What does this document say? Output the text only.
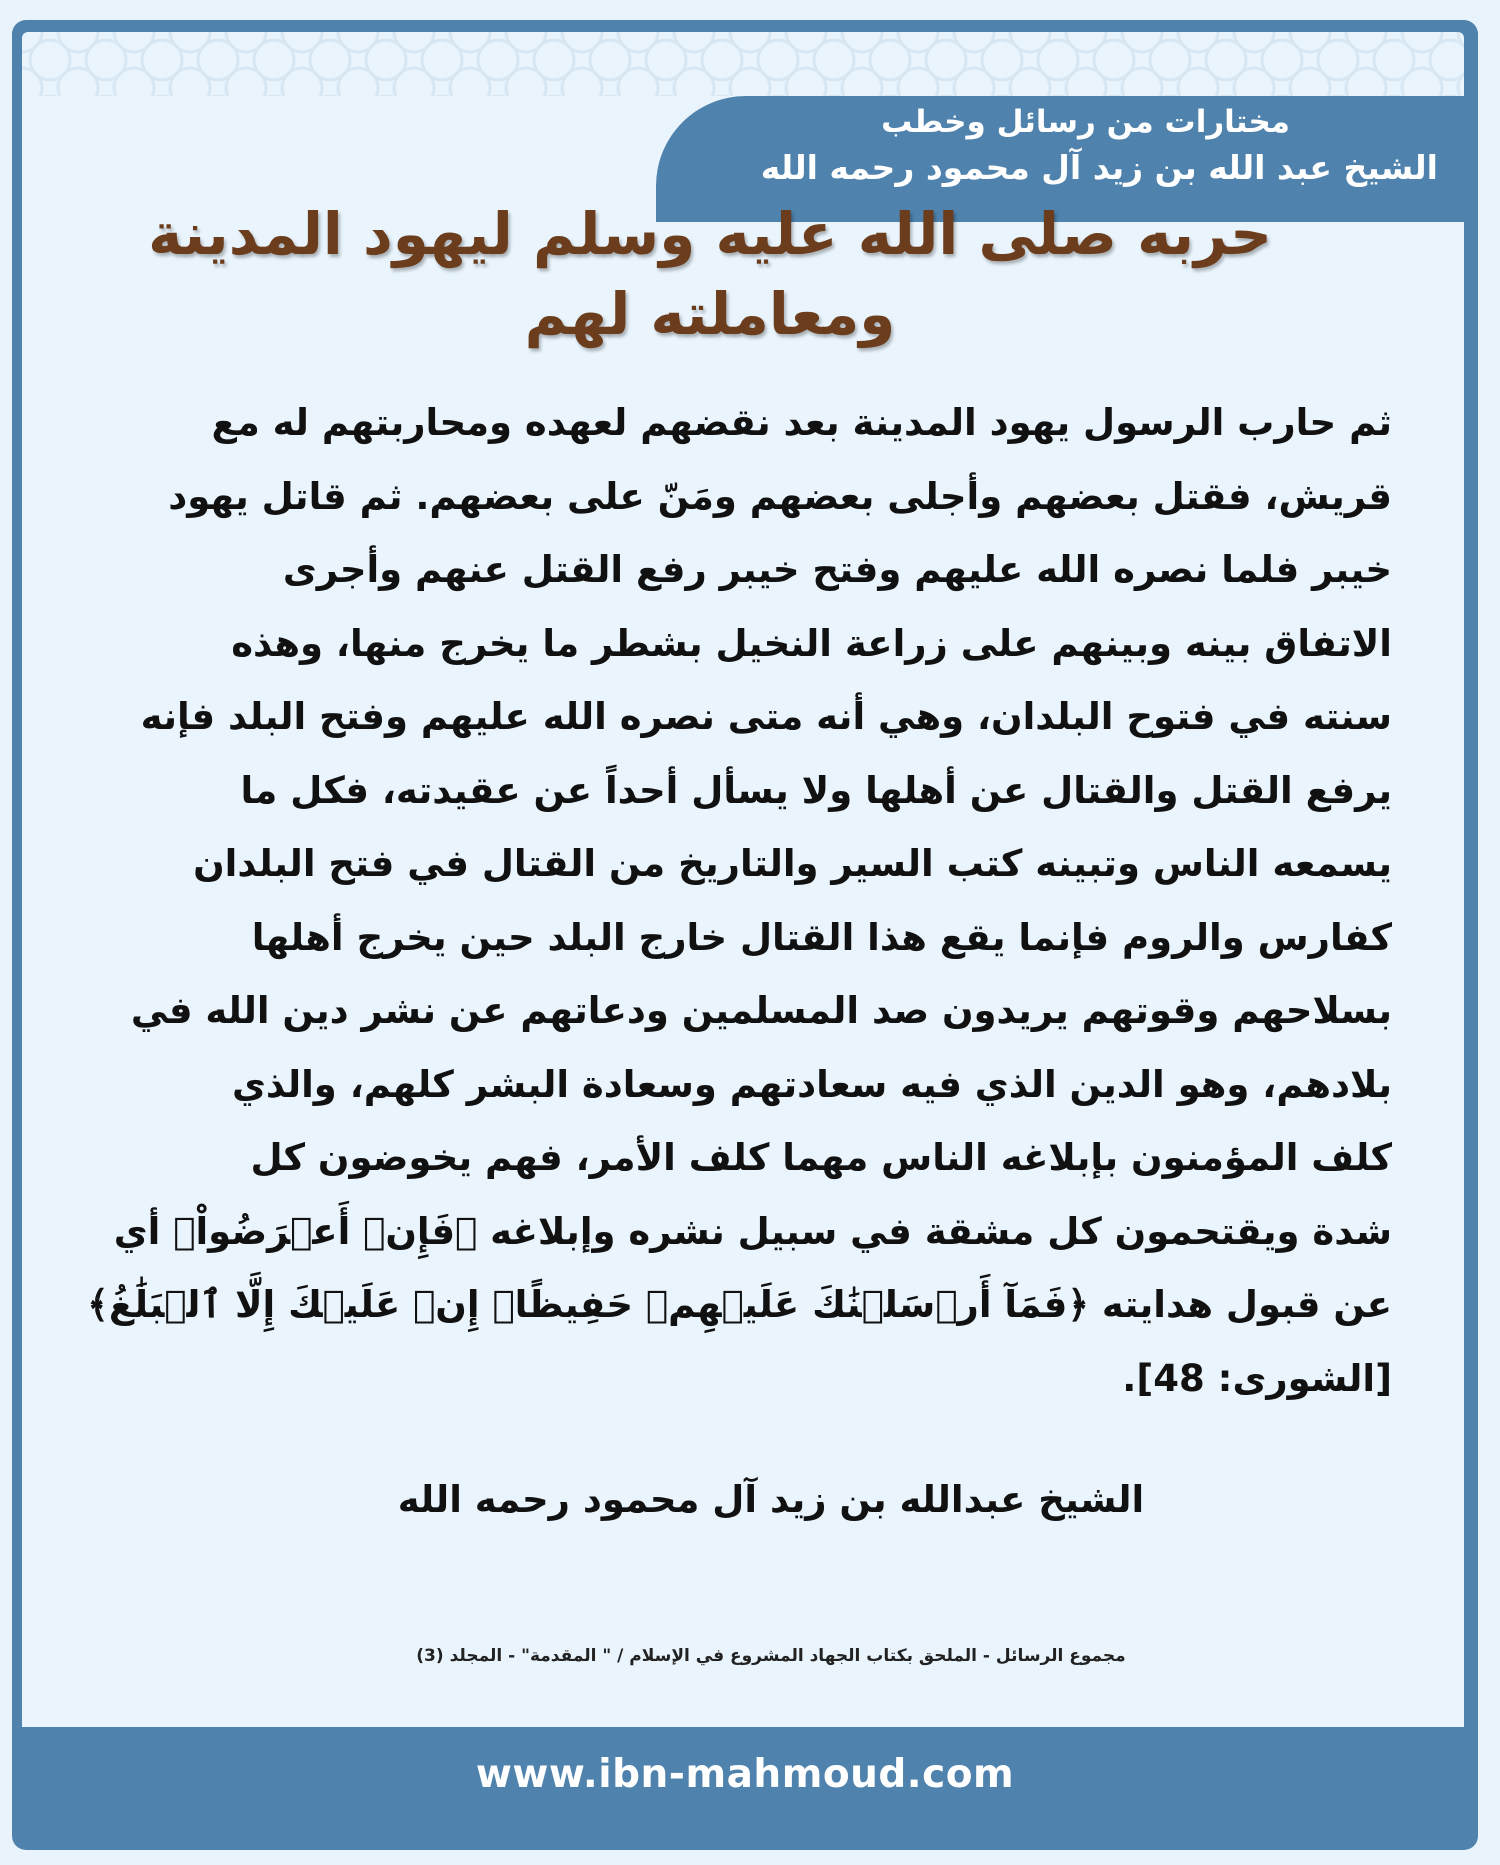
مختارات من رسائل وخطب
الشيخ عبد الله بن زيد آل محمود رحمه الله
حربه صلى الله عليه وسلم ليهود المدينة
ومعاملته لهم
ثم حارب الرسول يهود المدينة بعد نقضهم لعهده ومحاربتهم له مع
قريش، فقتل بعضهم وأجلى بعضهم ومَنّ على بعضهم. ثم قاتل يهود
خيبر فلما نصره الله عليهم وفتح خيبر رفع القتل عنهم وأجرى
الاتفاق بينه وبينهم على زراعة النخيل بشطر ما يخرج منها، وهذه
سنته في فتوح البلدان، وهي أنه متى نصره الله عليهم وفتح البلد فإنه
يرفع القتل والقتال عن أهلها ولا يسأل أحداً عن عقيدته، فكل ما
يسمعه الناس وتبينه كتب السير والتاريخ من القتال في فتح البلدان
كفارس والروم فإنما يقع هذا القتال خارج البلد حين يخرج أهلها
بسلاحهم وقوتهم يريدون صد المسلمين ودعاتهم عن نشر دين الله في
بلادهم، وهو الدين الذي فيه سعادتهم وسعادة البشر كلهم، والذي
كلف المؤمنون بإبلاغه الناس مهما كلف الأمر، فهم يخوضون كل
شدة ويقتحمون كل مشقة في سبيل نشره وإبلاغه ﴿فَإِنۡ أَعۡرَضُواْ﴾ أي
عن قبول هدايته ﴿فَمَآ أَرۡسَلۡنَٰكَ عَلَيۡهِمۡ حَفِيظًاۖ إِنۡ عَلَيۡكَ إِلَّا ٱلۡبَلَٰغُ﴾
[الشورى: 48].
الشيخ عبدالله بن زيد آل محمود رحمه الله
مجموع الرسائل - الملحق بكتاب الجهاد المشروع في الإسلام / " المقدمة" - المجلد (3)
www.ibn-mahmoud.com
